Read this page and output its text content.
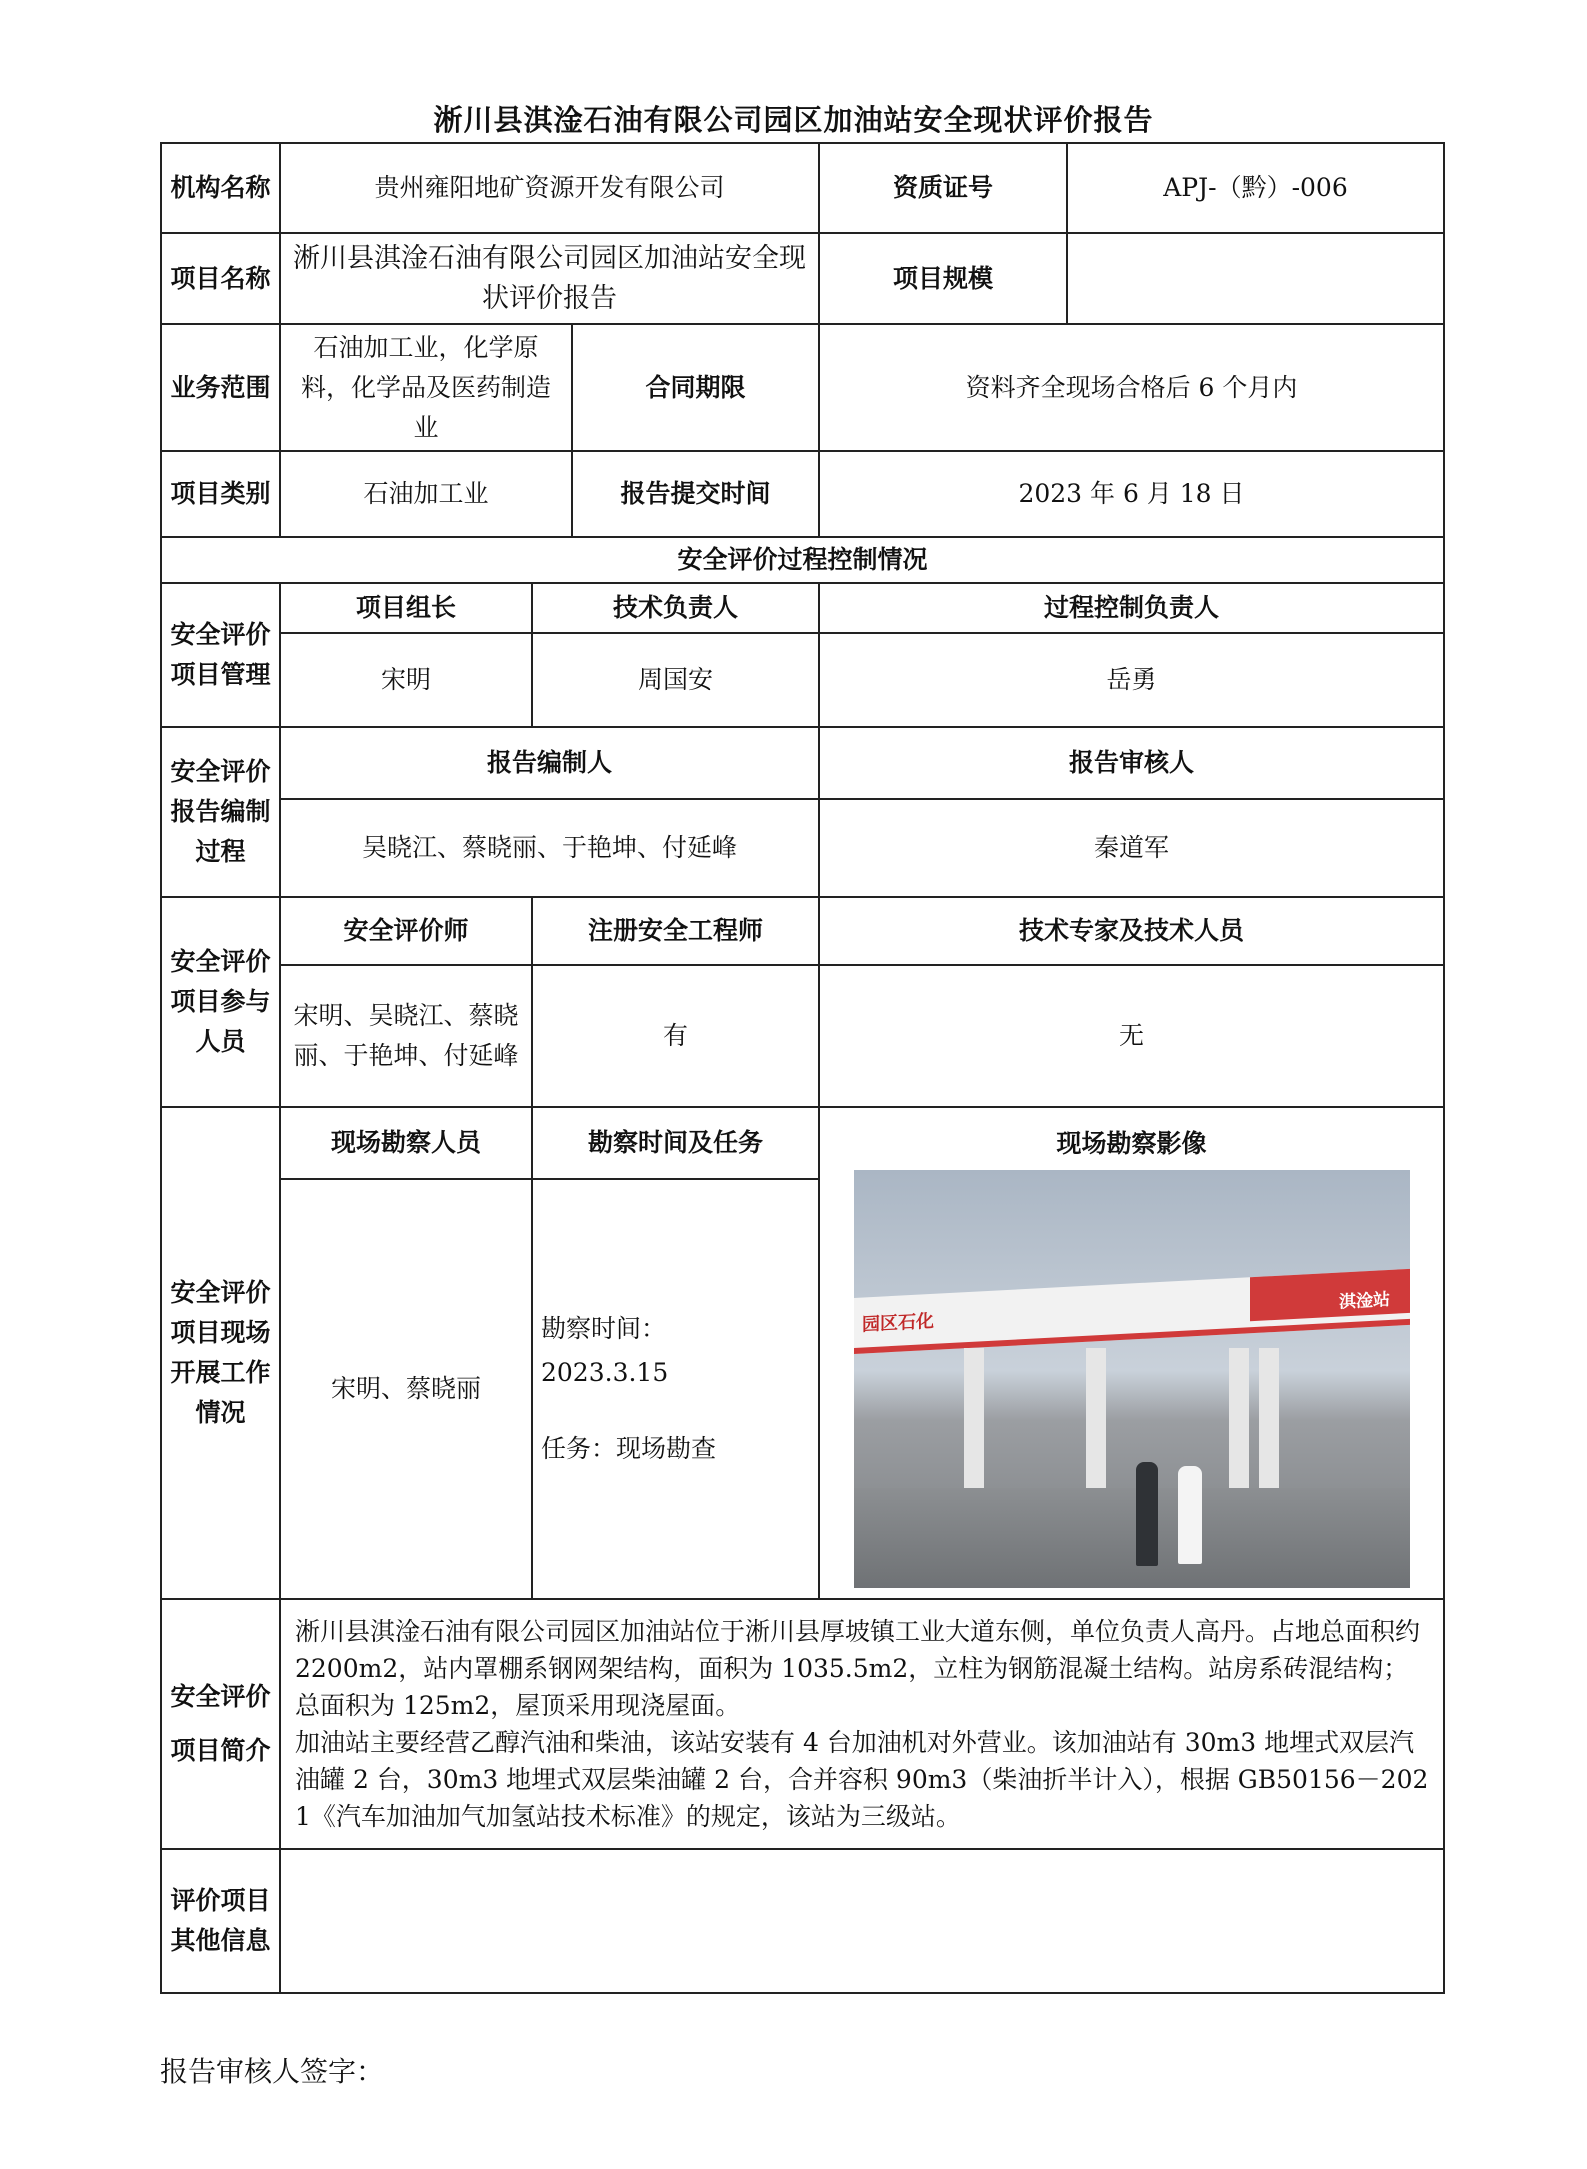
淅川县淇淦石油有限公司园区加油站安全现状评价报告
机构名称	贵州雍阳地矿资源开发有限公司			资质证号	APJ-（黔）-006
项目名称	淅川县淇淦石油有限公司园区加油站安全现状评价报告			项目规模	
业务范围	石油加工业，化学原料，化学品及医药制造业		合同期限	资料齐全现场合格后 6 个月内	
项目类别	石油加工业		报告提交时间	2023 年 6 月 18 日	
安全评价过程控制情况					
安全评价项目管理	项目组长	技术负责人		过程控制负责人	
	宋明	周国安		岳勇	
安全评价报告编制过程	报告编制人			报告审核人	
	吴晓江、蔡晓丽、于艳坤、付延峰			秦道军	
安全评价项目参与人员	安全评价师	注册安全工程师		技术专家及技术人员	
	宋明、吴晓江、蔡晓丽、于艳坤、付延峰	有		无	
安全评价项目现场开展工作情况	现场勘察人员	勘察时间及任务		现场勘察影像
园区石化
淇淦站	

	宋明、蔡晓丽	勘察时间：
2023.3.15
任务：现场勘查			

安全评价项目简介	淅川县淇淦石油有限公司园区加油站位于淅川县厚坡镇工业大道东侧，单位负责人高丹。占地总面积约 2200m2，站内罩棚系钢网架结构，面积为 1035.5m2，立柱为钢筋混凝土结构。站房系砖混结构；总面积为 125m2，屋顶采用现浇屋面。

加油站主要经营乙醇汽油和柴油，该站安装有 4 台加油机对外营业。该加油站有 30m3 地埋式双层汽油罐 2 台，30m3 地埋式双层柴油罐 2 台，合并容积 90m3（柴油折半计入），根据 GB50156－2021《汽车加油加气加氢站技术标准》的规定，该站为三级站。				

评价项目其他信息					
报告审核人签字：
